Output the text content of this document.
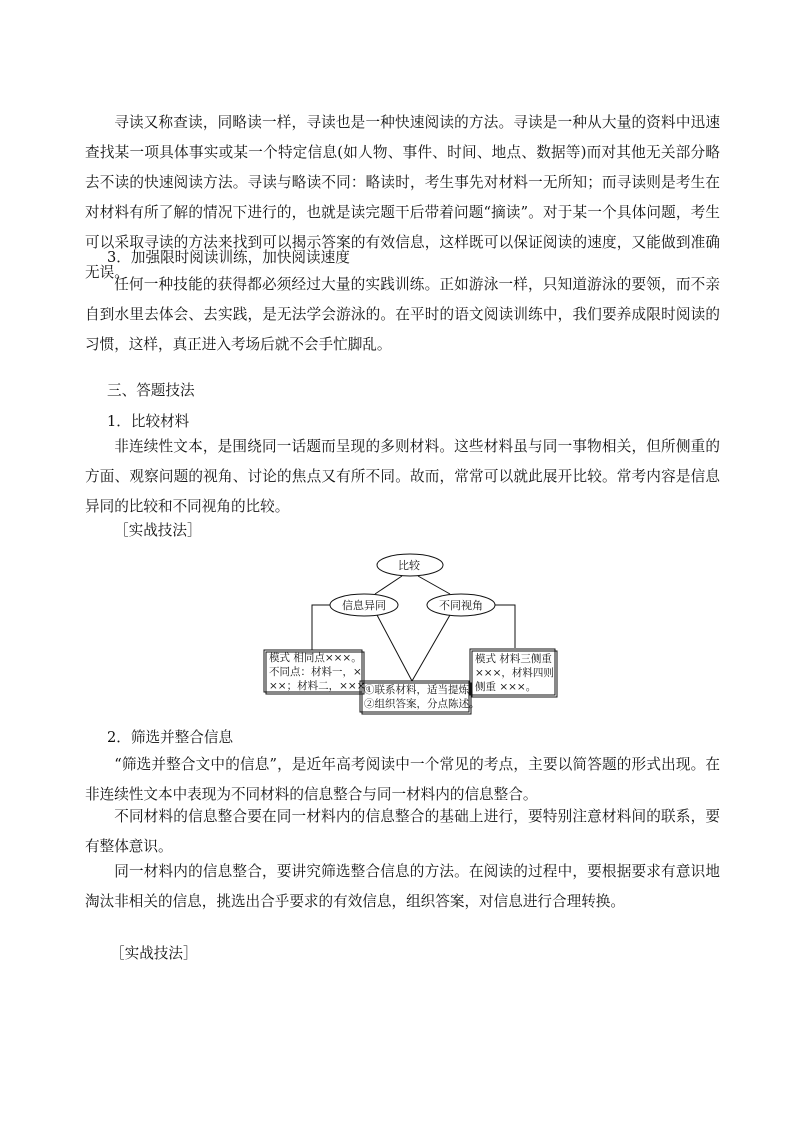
寻读又称查读，同略读一样，寻读也是一种快速阅读的方法。寻读是一种从大量的资料中迅速查找某一项具体事实或某一个特定信息(如人物、事件、时间、地点、数据等)而对其他无关部分略去不读的快速阅读方法。寻读与略读不同：略读时，考生事先对材料一无所知；而寻读则是考生在对材料有所了解的情况下进行的，也就是读完题干后带着问题“摘读”。对于某一个具体问题，考生可以采取寻读的方法来找到可以揭示答案的有效信息，这样既可以保证阅读的速度，又能做到准确无误。

3．加强限时阅读训练，加快阅读速度

任何一种技能的获得都必须经过大量的实践训练。正如游泳一样，只知道游泳的要领，而不亲自到水里去体会、去实践，是无法学会游泳的。在平时的语文阅读训练中，我们要养成限时阅读的习惯，这样，真正进入考场后就不会手忙脚乱。

三、答题技法

1．比较材料

非连续性文本，是围绕同一话题而呈现的多则材料。这些材料虽与同一事物相关，但所侧重的方面、观察问题的视角、讨论的焦点又有所不同。故而，常常可以就此展开比较。常考内容是信息异同的比较和不同视角的比较。

［实战技法］

比较
信息异同	不同视角
模式 相同点×××。
不同点：材料一，×
××；材料二，×××。
①联系材料，适当提炼；
②组织答案，分点陈述。
模式 材料三侧重
×××，材料四则
侧重 ×××。

2．筛选并整合信息

“筛选并整合文中的信息”，是近年高考阅读中一个常见的考点，主要以简答题的形式出现。在非连续性文本中表现为不同材料的信息整合与同一材料内的信息整合。

不同材料的信息整合要在同一材料内的信息整合的基础上进行，要特别注意材料间的联系，要有整体意识。

同一材料内的信息整合，要讲究筛选整合信息的方法。在阅读的过程中，要根据要求有意识地淘汰非相关的信息，挑选出合乎要求的有效信息，组织答案，对信息进行合理转换。

［实战技法］
